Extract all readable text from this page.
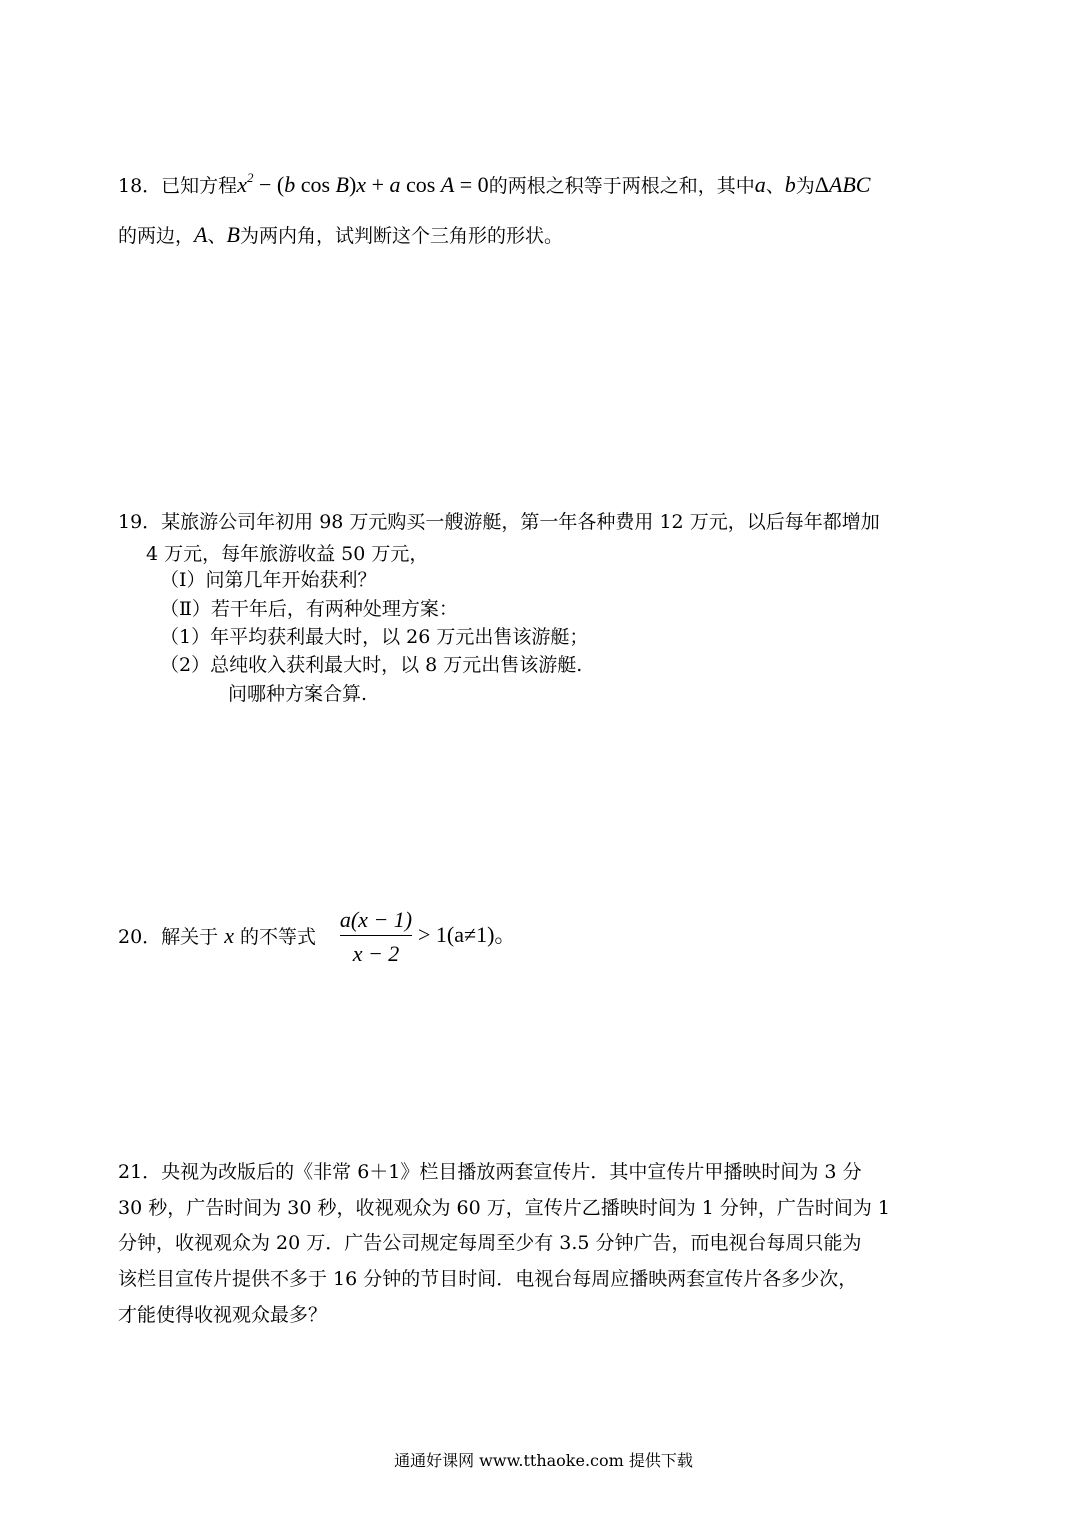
18．已知方程$x^2 - (b$ cos B)x + a cos A = 0的两根之积等于两根之和，其中a、b为ΔABC
的两边，A、B为两内角，试判断这个三角形的形状。
19．某旅游公司年初用 98 万元购买一艘游艇，第一年各种费用 12 万元，以后每年都增加
4 万元，每年旅游收益 50 万元，
（Ⅰ）问第几年开始获利？
（Ⅱ）若干年后，有两种处理方案：
（1）年平均获利最大时，以 26 万元出售该游艇；
（2）总纯收入获利最大时，以 8 万元出售该游艇.
问哪种方案合算.
20．解关于 x 的不等式
a(x − 1)
x − 2
> 1(a≠1)。
21．央视为改版后的《非常 6＋1》栏目播放两套宣传片．其中宣传片甲播映时间为 3 分
30 秒，广告时间为 30 秒，收视观众为 60 万，宣传片乙播映时间为 1 分钟，广告时间为 1
分钟，收视观众为 20 万．广告公司规定每周至少有 3.5 分钟广告，而电视台每周只能为
该栏目宣传片提供不多于 16 分钟的节目时间．电视台每周应播映两套宣传片各多少次，
才能使得收视观众最多？
通通好课网 www.tthaoke.com 提供下载
